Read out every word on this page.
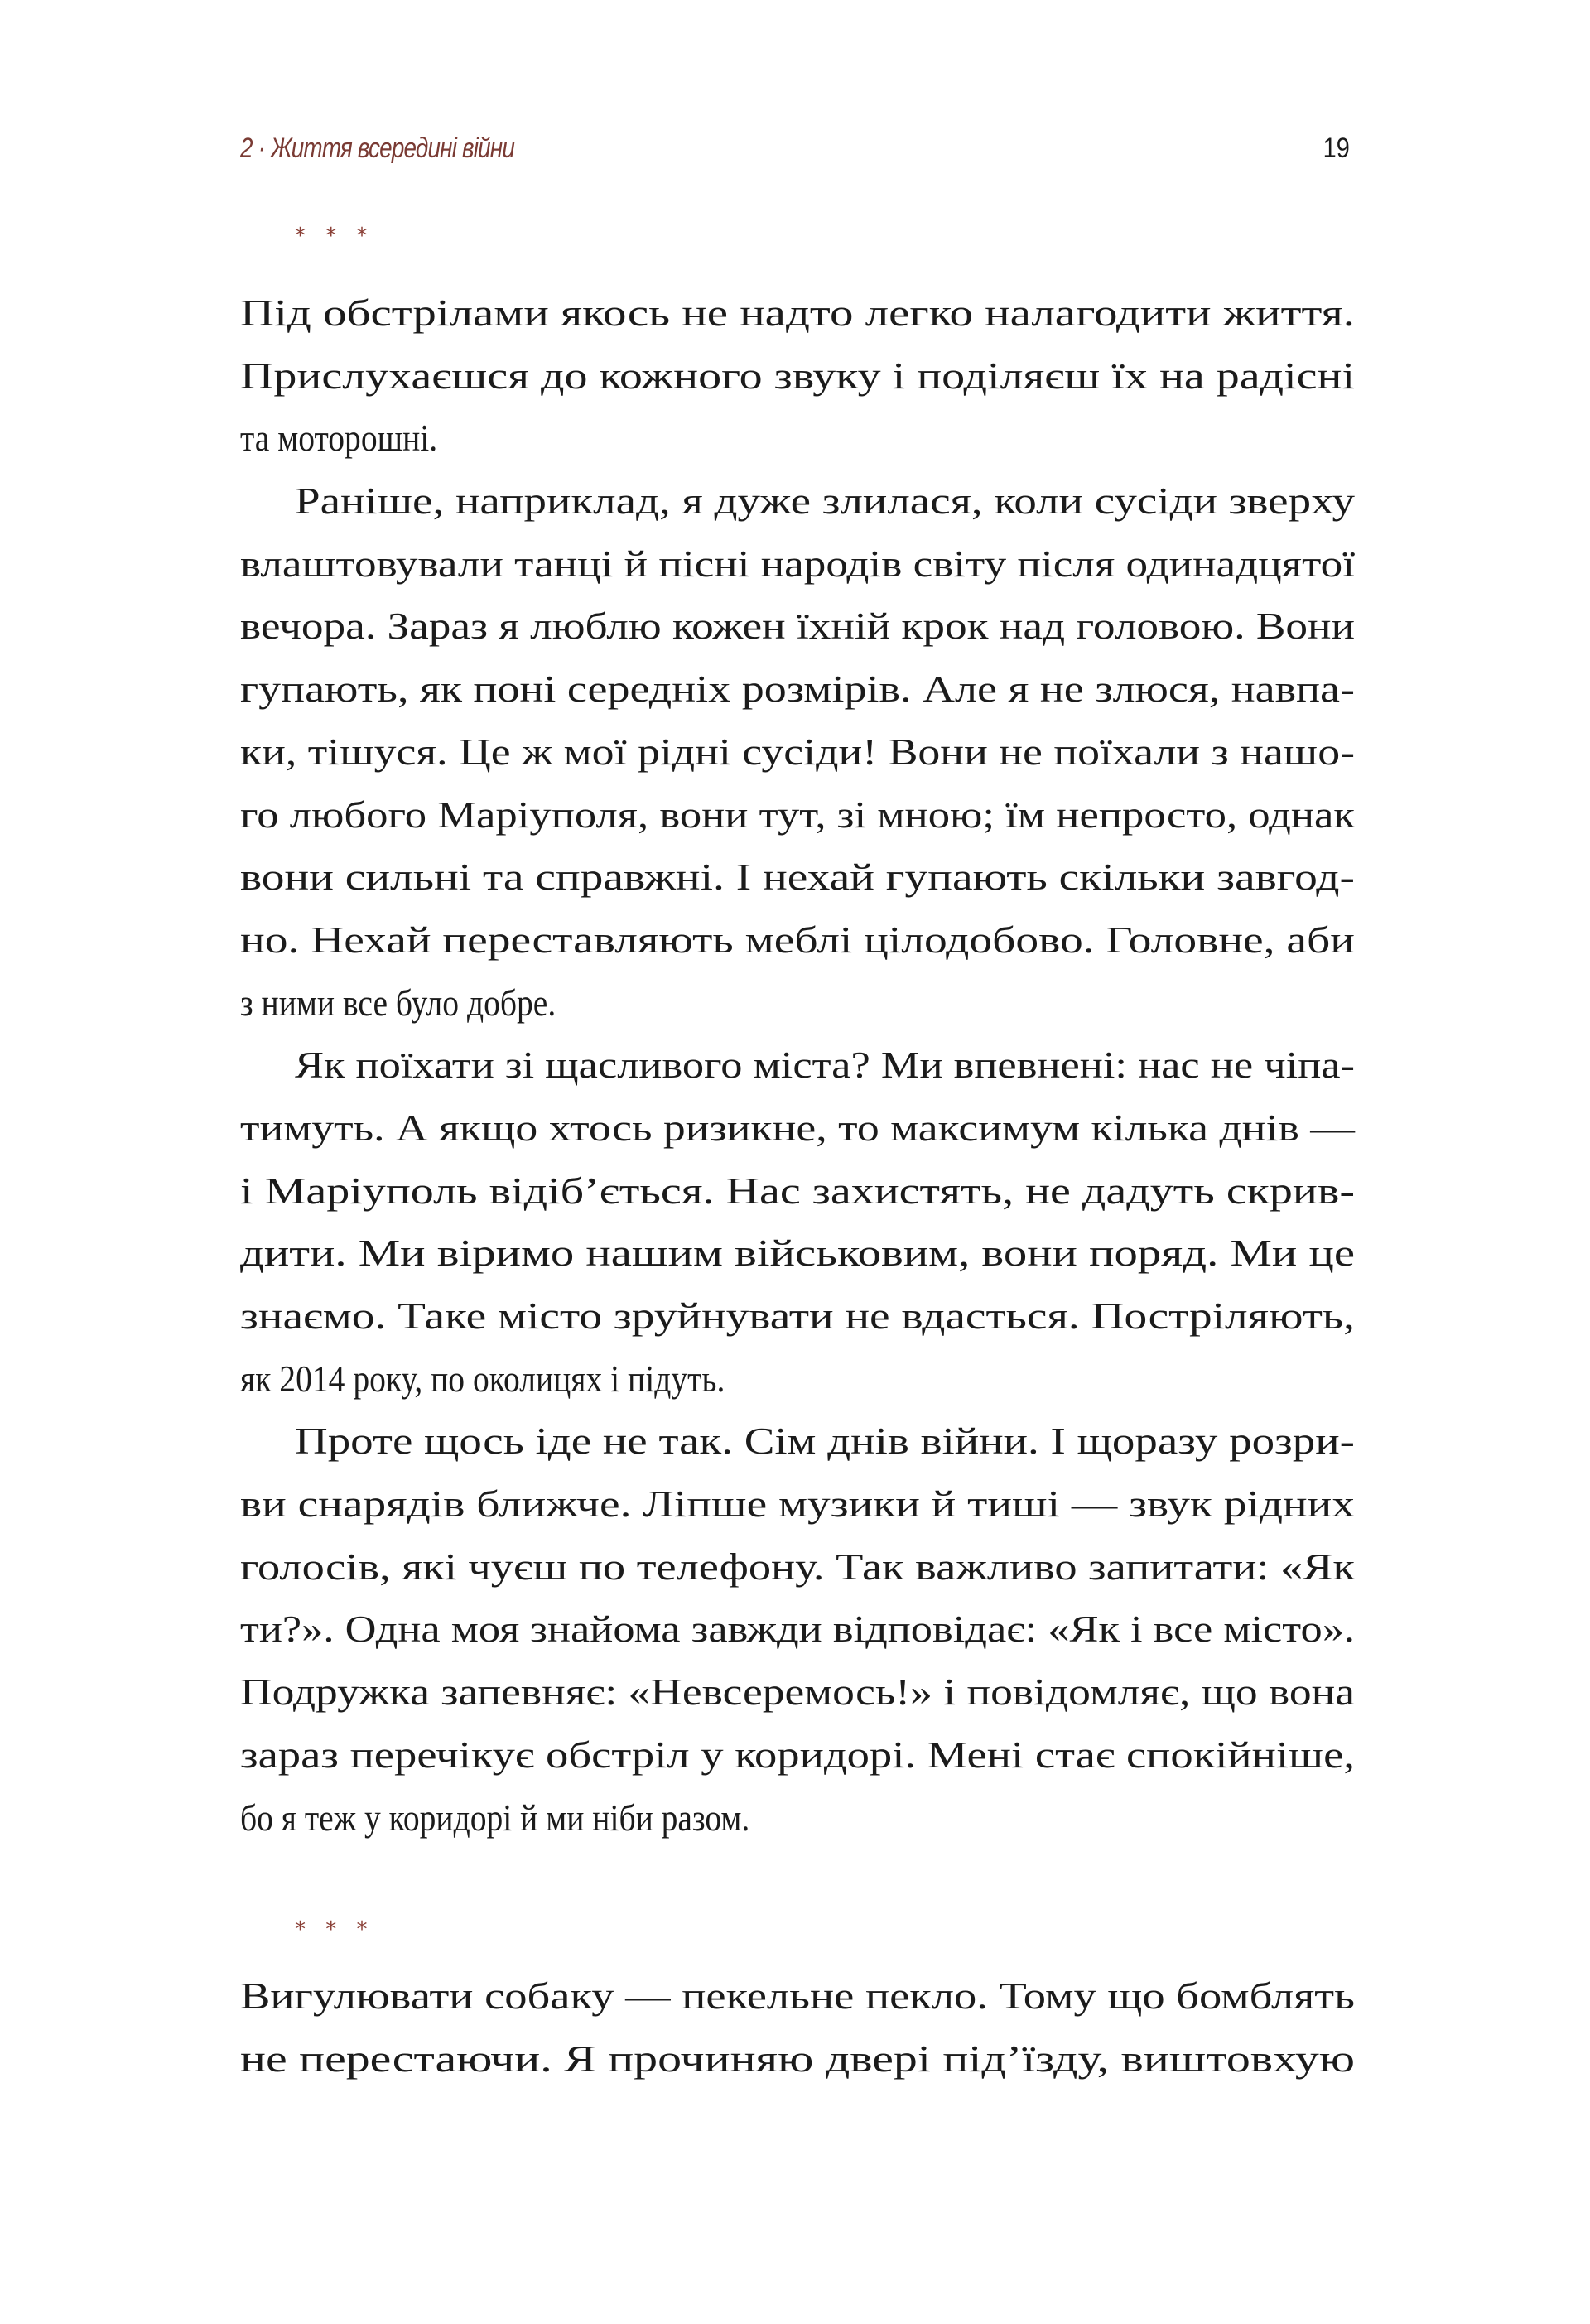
2 · Життя всередині війни	19
* * *
Під обстрілами якось не надто легко налагодити життя.
Прислухаєшся до кожного звуку і поділяєш їх на радісні
та моторошні.
Раніше, наприклад, я дуже злилася, коли сусіди зверху
влаштовували танці й пісні народів світу після одинадцятої
вечора. Зараз я люблю кожен їхній крок над головою. Вони
гупають, як поні середніх розмірів. Але я не злюся, навпа-
ки, тішуся. Це ж мої рідні сусіди! Вони не поїхали з нашо-
го любого Маріуполя, вони тут, зі мною; їм непросто, однак
вони сильні та справжні. І нехай гупають скільки завгод-
но. Нехай переставляють меблі цілодобово. Головне, аби
з ними все було добре.
Як поїхати зі щасливого міста? Ми впевнені: нас не чіпа-
тимуть. А якщо хтось ризикне, то максимум кілька днів —
і Маріуполь відіб’ється. Нас захистять, не дадуть скрив-
дити. Ми віримо нашим військовим, вони поряд. Ми це
знаємо. Таке місто зруйнувати не вдасться. Постріляють,
як 2014 року, по околицях і підуть.
Проте щось іде не так. Сім днів війни. І щоразу розри-
ви снарядів ближче. Ліпше музики й тиші — звук рідних
голосів, які чуєш по телефону. Так важливо запитати: «Як
ти?». Одна моя знайома завжди відповідає: «Як і все місто».
Подружка запевняє: «Невсеремось!» і повідомляє, що вона
зараз перечікує обстріл у коридорі. Мені стає спокійніше,
бо я теж у коридорі й ми ніби разом.
* * *
Вигулювати собаку — пекельне пекло. Тому що бомблять
не перестаючи. Я прочиняю двері під’їзду, виштовхую
